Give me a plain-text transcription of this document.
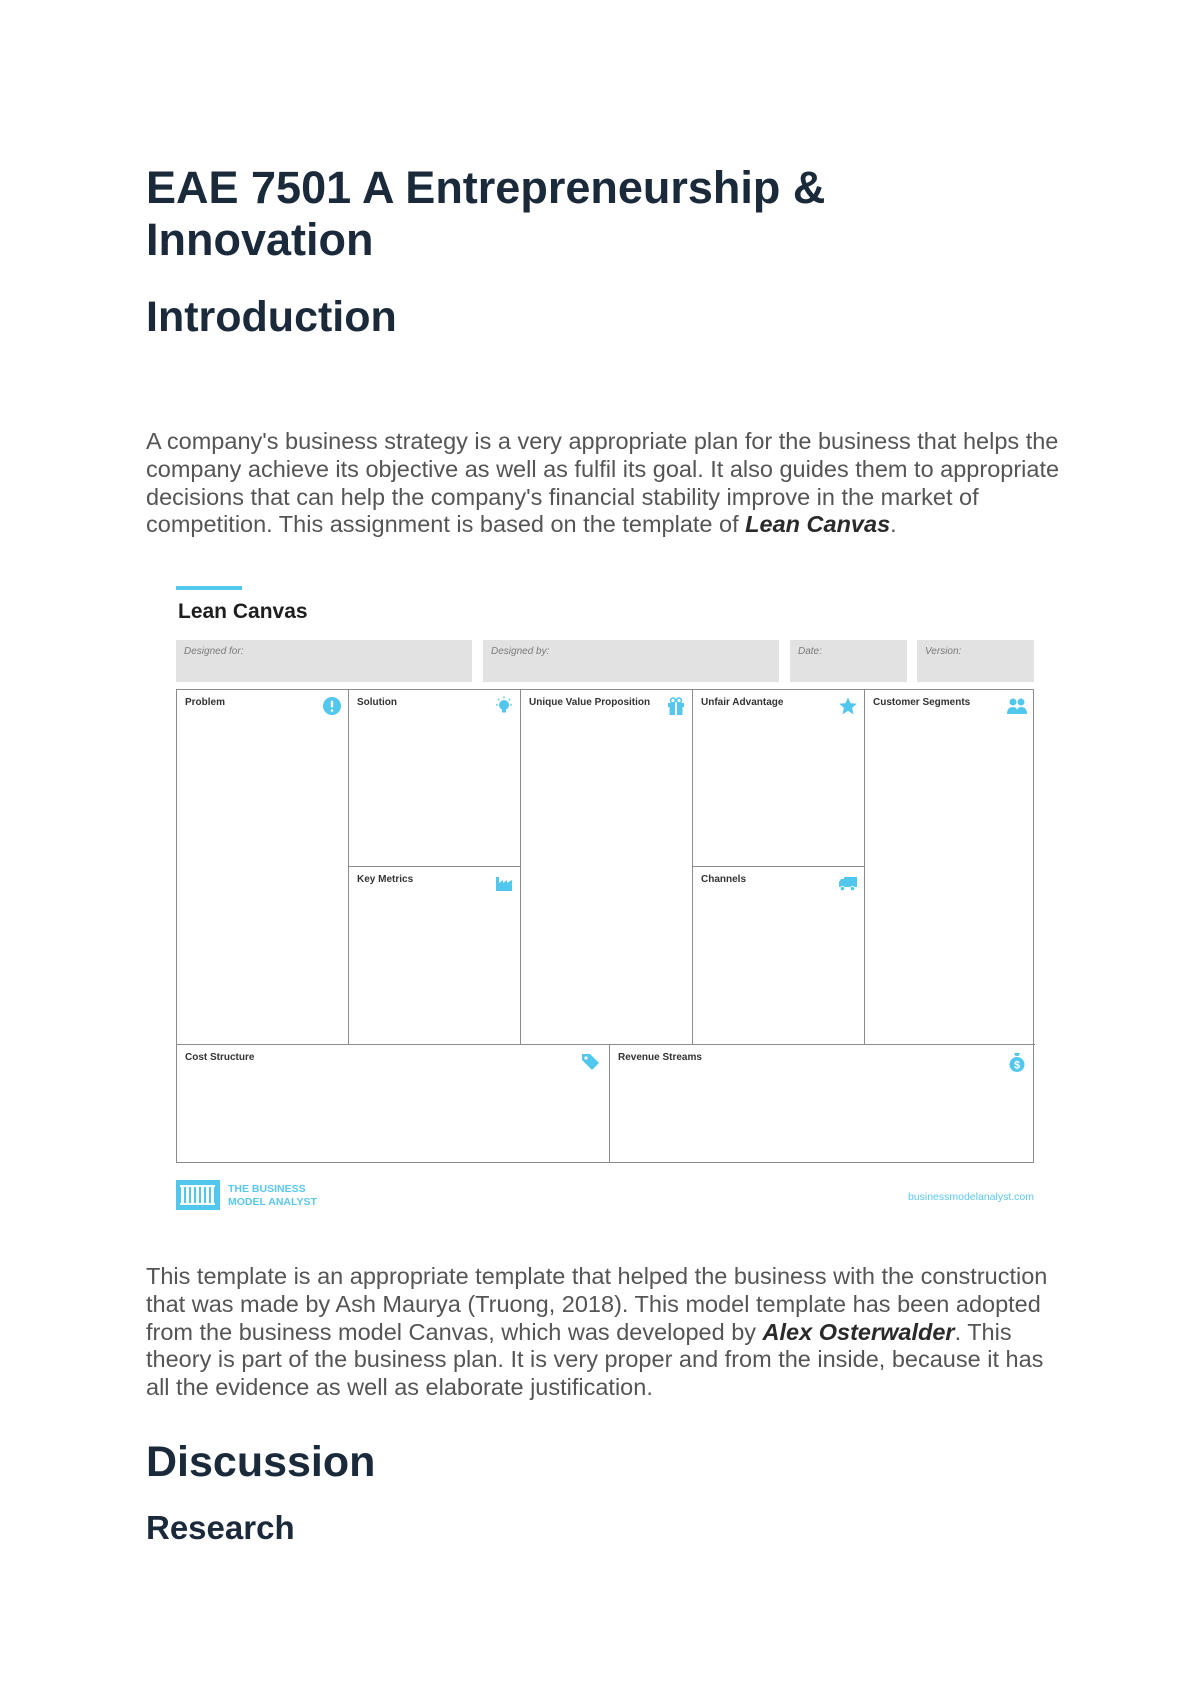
EAE 7501 A Entrepreneurship & Innovation
Introduction

A company's business strategy is a very appropriate plan for the business that helps the company achieve its objective as well as fulfil its goal. It also guides them to appropriate decisions that can help the company's financial stability improve in the market of competition. This assignment is based on the template of Lean Canvas.

Lean Canvas

Designed for:	Designed by:	Date:	Version:
Problem	Solution
Key Metrics
Unique Value Proposition	Unfair Advantage
Channels
Customer Segments
Cost Structure	Revenue Streams
$

THE BUSINESS
MODEL ANALYST	businessmodelanalyst.com

This template is an appropriate template that helped the business with the construction that was made by Ash Maurya (Truong, 2018). This model template has been adopted from the business model Canvas, which was developed by Alex Osterwalder. This theory is part of the business plan. It is very proper and from the inside, because it has all the evidence as well as elaborate justification.

Discussion
Research
